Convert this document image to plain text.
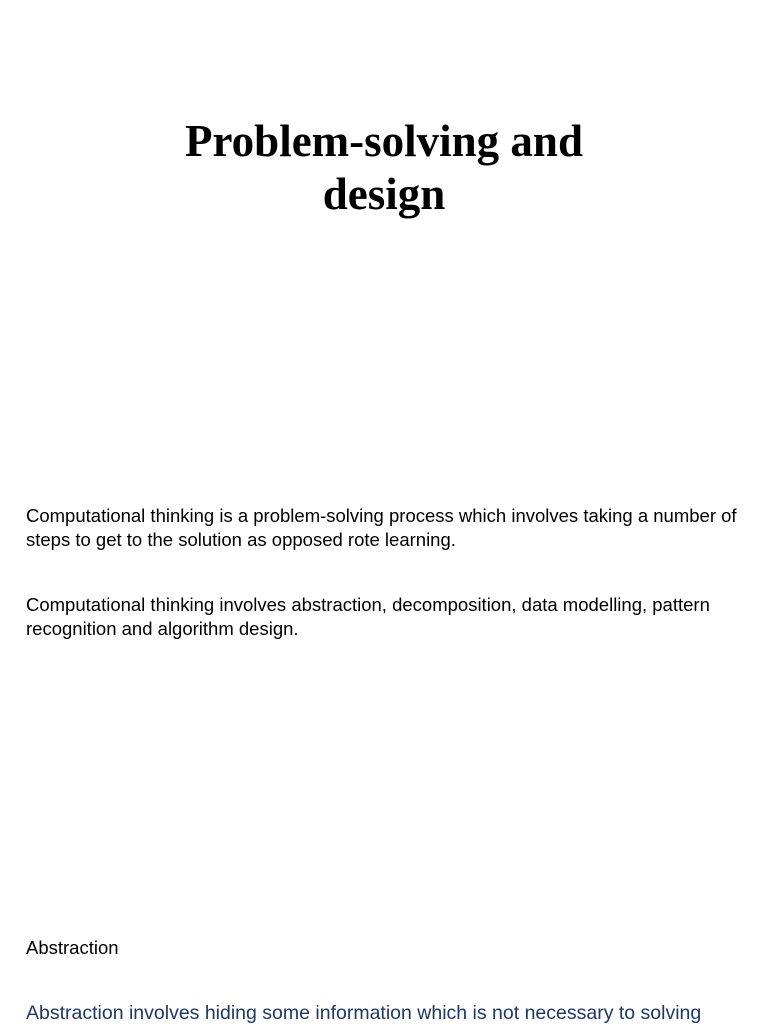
Problem-solving and
design

Computational thinking is a problem-solving process which involves taking a number of steps to get to the solution as opposed rote learning.

Computational thinking involves abstraction, decomposition, data modelling, pattern recognition and algorithm design.

Abstraction

Abstraction involves hiding some information which is not necessary to solving
